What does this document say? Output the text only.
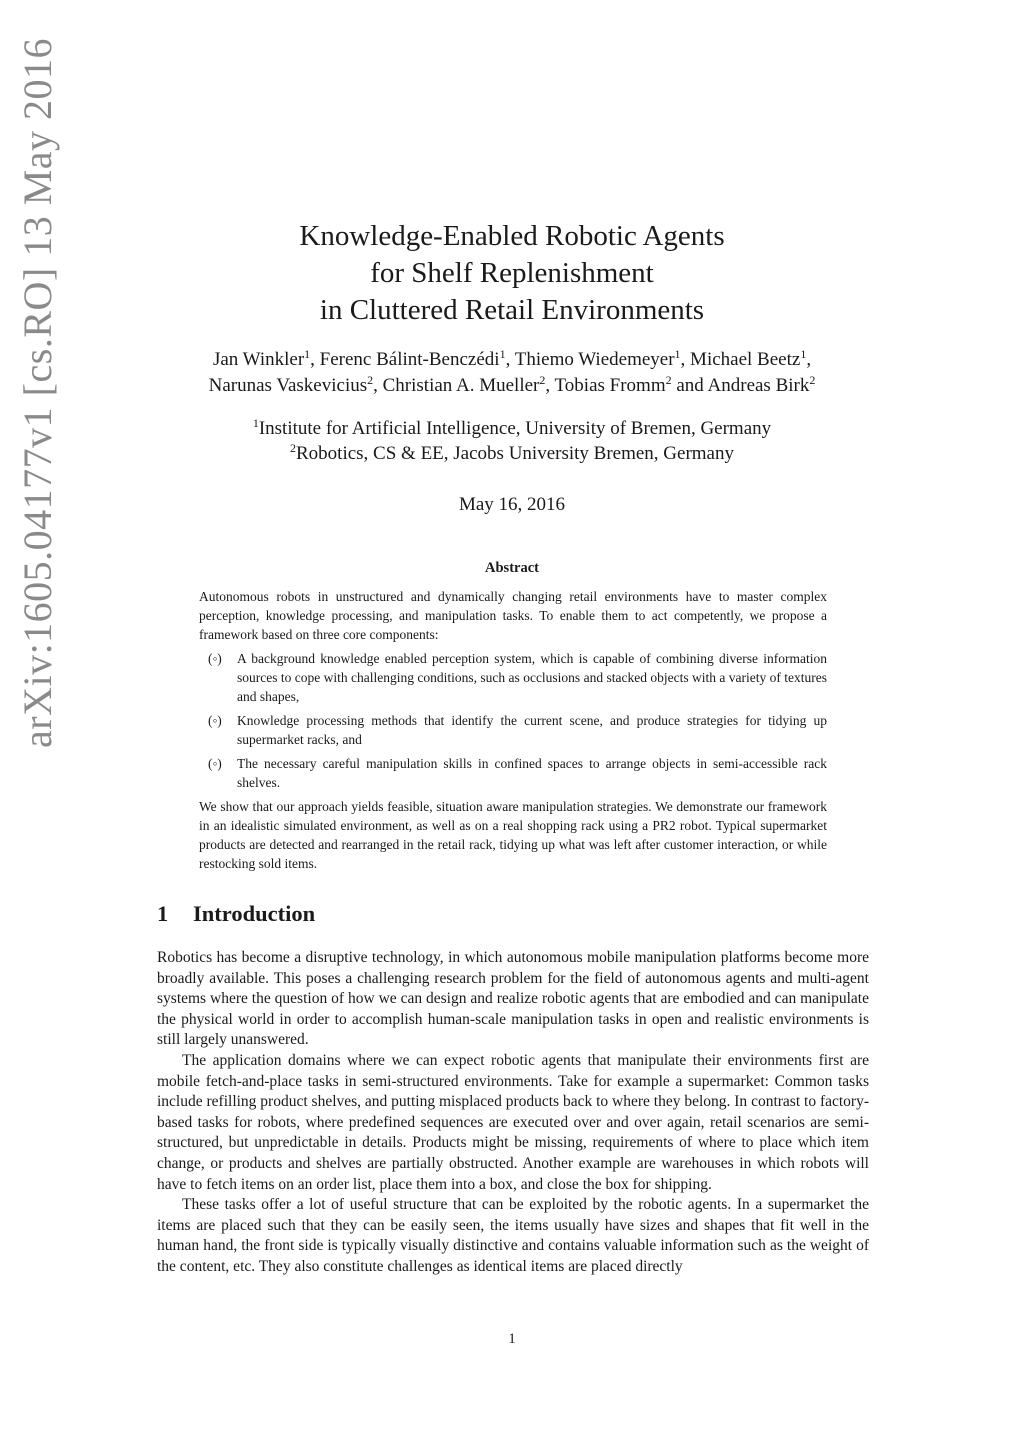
arXiv:1605.04177v1 [cs.RO] 13 May 2016	Knowledge-Enabled Robotic Agents
for Shelf Replenishment
in Cluttered Retail Environments
Jan Winkler$^1$, Ferenc Bálint-Benczédi$^1$, Thiemo Wiedemeyer$^1$, Michael Beetz$^1$,
Narunas Vaskevicius$^2$, Christian A. Mueller$^2$, Tobias Fromm$^2$ and Andreas Birk$^2$
$^1$Institute for Artificial Intelligence, University of Bremen, Germany
$^2$Robotics, CS & EE, Jacobs University Bremen, Germany
May 16, 2016
Abstract

Autonomous robots in unstructured and dynamically changing retail environments have to master complex perception, knowledge processing, and manipulation tasks. To enable them to act competently, we propose a framework based on three core components:

(◦) A background knowledge enabled perception system, which is capable of combining diverse information sources to cope with challenging conditions, such as occlusions and stacked objects with a variety of textures and shapes,
(◦) Knowledge processing methods that identify the current scene, and produce strategies for tidying up supermarket racks, and
(◦) The necessary careful manipulation skills in confined spaces to arrange objects in semi-accessible rack shelves.

We show that our approach yields feasible, situation aware manipulation strategies. We demonstrate our framework in an idealistic simulated environment, as well as on a real shopping rack using a PR2 robot. Typical supermarket products are detected and rearranged in the retail rack, tidying up what was left after customer interaction, or while restocking sold items.

1 Introduction

Robotics has become a disruptive technology, in which autonomous mobile manipulation platforms become more broadly available. This poses a challenging research problem for the field of autonomous agents and multi-agent systems where the question of how we can design and realize robotic agents that are embodied and can manipulate the physical world in order to accomplish human-scale manipulation tasks in open and realistic environments is still largely unanswered.

The application domains where we can expect robotic agents that manipulate their environments first are mobile fetch-and-place tasks in semi-structured environments. Take for example a supermarket: Common tasks include refilling product shelves, and putting misplaced products back to where they belong. In contrast to factory-based tasks for robots, where predefined sequences are executed over and over again, retail scenarios are semi-structured, but unpredictable in details. Products might be missing, requirements of where to place which item change, or products and shelves are partially obstructed. Another example are warehouses in which robots will have to fetch items on an order list, place them into a box, and close the box for shipping.

These tasks offer a lot of useful structure that can be exploited by the robotic agents. In a supermarket the items are placed such that they can be easily seen, the items usually have sizes and shapes that fit well in the human hand, the front side is typically visually distinctive and contains valuable information such as the weight of the content, etc. They also constitute challenges as identical items are placed directly

1
